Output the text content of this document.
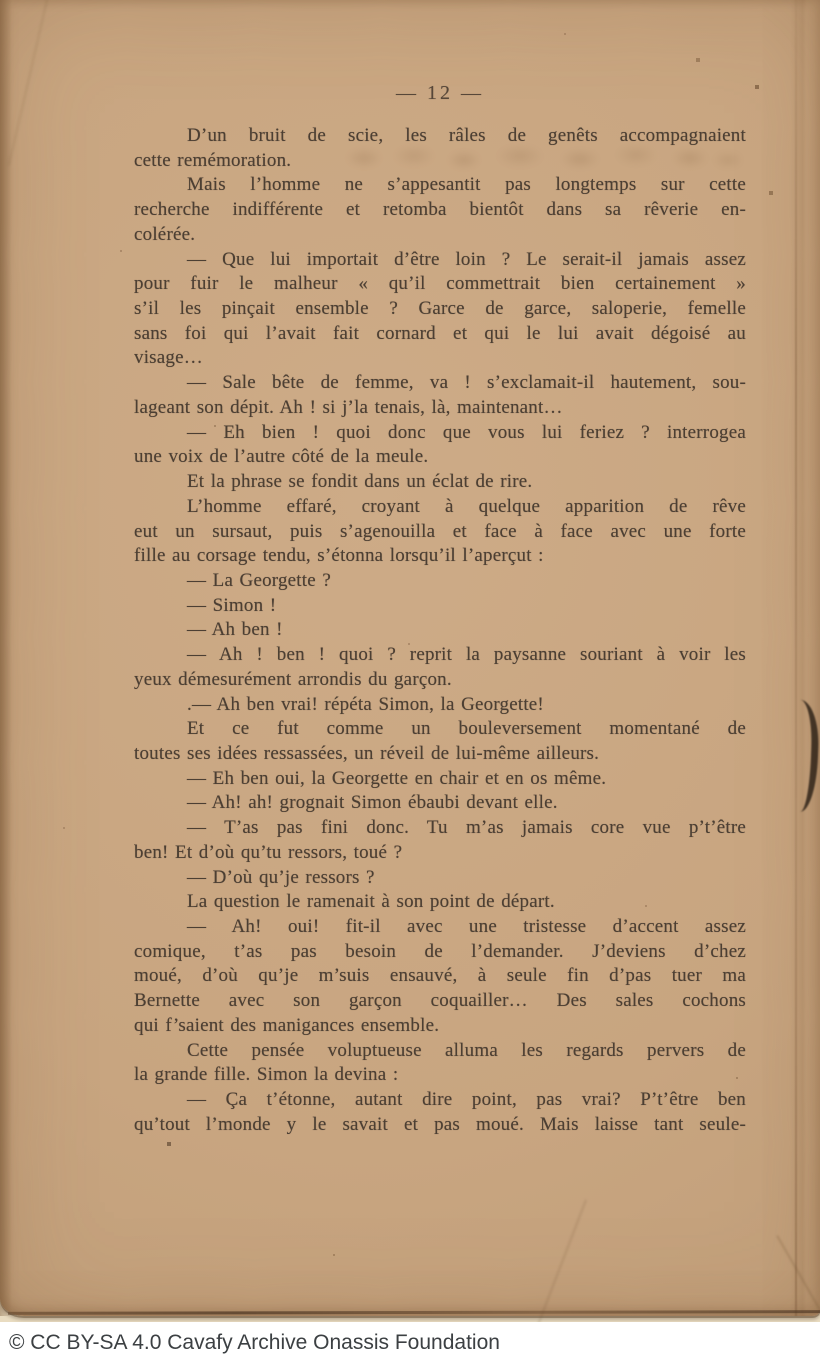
— 12 —
D’un bruit de scie, les râles de genêts accompagnaient
cette remémoration.
Mais l’homme ne s’appesantit pas longtemps sur cette
recherche indifférente et retomba bientôt dans sa rêverie en-
colérée.
— Que lui importait d’être loin ? Le serait-il jamais assez
pour fuir le malheur « qu’il commettrait bien certainement »
s’il les pinçait ensemble ? Garce de garce, saloperie, femelle
sans foi qui l’avait fait cornard et qui le lui avait dégoisé au
visage…
— Sale bête de femme, va ! s’exclamait-il hautement, sou-
lageant son dépit. Ah ! si j’la tenais, là, maintenant…
— Eh bien ! quoi donc que vous lui feriez ? interrogea
une voix de l’autre côté de la meule.
Et la phrase se fondit dans un éclat de rire.
L’homme effaré, croyant à quelque apparition de rêve
eut un sursaut, puis s’agenouilla et face à face avec une forte
fille au corsage tendu, s’étonna lorsqu’il l’aperçut :
— La Georgette ?
— Simon !
— Ah ben !
— Ah ! ben ! quoi ? reprit la paysanne souriant à voir les
yeux démesurément arrondis du garçon.
.— Ah ben vrai! répéta Simon, la Georgette!
Et ce fut comme un bouleversement momentané de
toutes ses idées ressassées, un réveil de lui-même ailleurs.
— Eh ben oui, la Georgette en chair et en os même.
— Ah! ah! grognait Simon ébaubi devant elle.
— T’as pas fini donc. Tu m’as jamais core vue p’t’être
ben! Et d’où qu’tu ressors, toué ?
— D’où qu’je ressors ?
La question le ramenait à son point de départ.
— Ah! oui! fit-il avec une tristesse d’accent assez
comique, t’as pas besoin de l’demander. J’deviens d’chez
moué, d’où qu’je m’suis ensauvé, à seule fin d’pas tuer ma
Bernette avec son garçon coquailler… Des sales cochons
qui f’saient des manigances ensemble.
Cette pensée voluptueuse alluma les regards pervers de
la grande fille. Simon la devina :
— Ça t’étonne, autant dire point, pas vrai? P’t’être ben
qu’tout l’monde y le savait et pas moué. Mais laisse tant seule-
© CC BY-SA 4.0 Cavafy Archive Onassis Foundation
